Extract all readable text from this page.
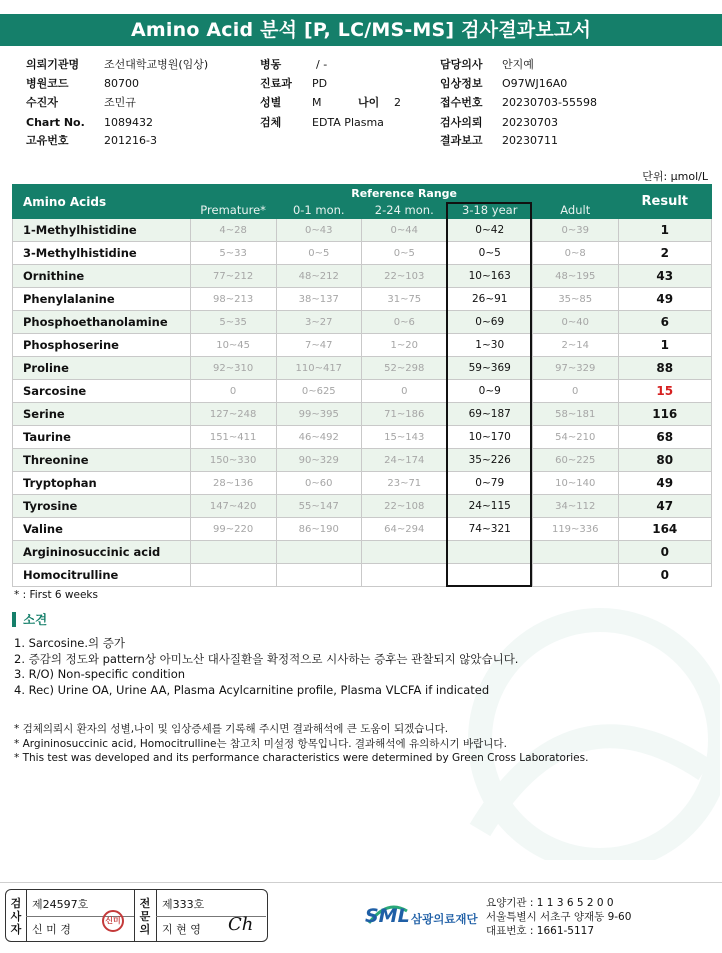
Amino Acid 분석 [P, LC/MS-MS] 검사결과보고서
의뢰기관명 조선대학교병원(임상)	병동	/ -	담당의사 안지예
병원코드	80700	진료과 PD	임상정보 O97WJ16A0
수진자	조민규	성별	M	나이 2	접수번호 20230703-55598
Chart No. 1089432	검체	EDTA Plasma	검사의뢰 20230703
고유번호	201216-3	결과보고 20230711
단위: μmol/L
Amino Acids	Reference Range					Result
	Premature*	0-1 mon.	2-24 mon.	3-18 year	Adult	
1-Methylhistidine	4~28	0~43	0~44	0~42	0~39	1
3-Methylhistidine	5~33	0~5	0~5	0~5	0~8	2
Ornithine	77~212	48~212	22~103	10~163	48~195	43
Phenylalanine	98~213	38~137	31~75	26~91	35~85	49
Phosphoethanolamine	5~35	3~27	0~6	0~69	0~40	6
Phosphoserine	10~45	7~47	1~20	1~30	2~14	1
Proline	92~310	110~417	52~298	59~369	97~329	88
Sarcosine	0	0~625	0	0~9	0	15
Serine	127~248	99~395	71~186	69~187	58~181	116
Taurine	151~411	46~492	15~143	10~170	54~210	68
Threonine	150~330	90~329	24~174	35~226	60~225	80
Tryptophan	28~136	0~60	23~71	0~79	10~140	49
Tyrosine	147~420	55~147	22~108	24~115	34~112	47
Valine	99~220	86~190	64~294	74~321	119~336	164
Argininosuccinic acid						0
Homocitrulline						0
* : First 6 weeks
소견
1. Sarcosine.의 증가
2. 증감의 정도와 pattern상 아미노산 대사질환을 확정적으로 시사하는 증후는 관찰되지 않았습니다.
3. R/O) Non-specific condition
4. Rec) Urine OA, Urine AA, Plasma Acylcarnitine profile, Plasma VLCFA if indicated
* 검체의뢰시 환자의 성별,나이 및 임상증세를 기록해 주시면 결과해석에 큰 도움이 되겠습니다.
* Argininosuccinic acid, Homocitrulline는 참고치 미설정 항목입니다. 결과해석에 유의하시기 바랍니다.
* This test was developed and its performance characteristics were determined by Green Cross Laboratories.
검사자
제24597호
신 미 경
신미
전문의
제333호
지 현 영 Ch	SML 삼광의료재단
요양기관 : 1 1 3 6 5 2 0 0
서울특별시 서초구 양재동 9-60
대표번호 : 1661-5117
